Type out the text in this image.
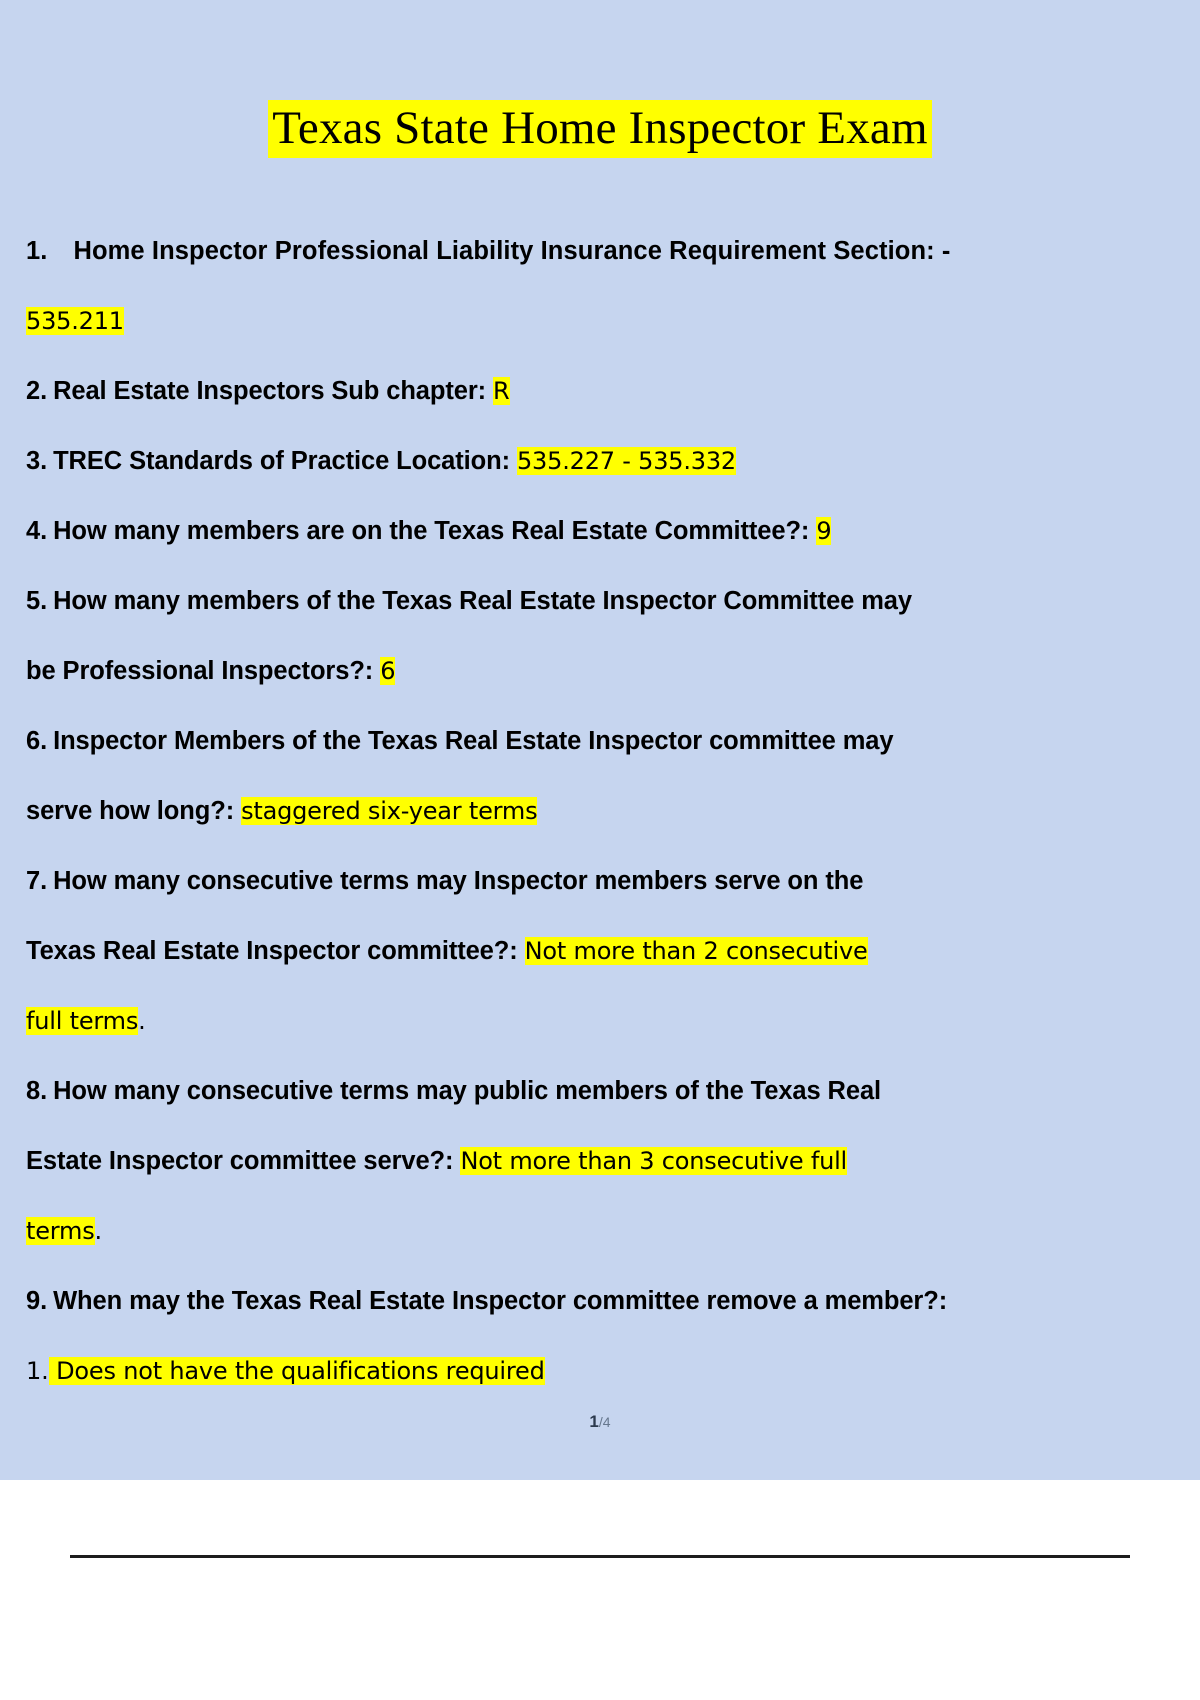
Texas State Home Inspector Exam
1. Home Inspector Professional Liability Insurance Requirement Section: -
535.211
2. Real Estate Inspectors Sub chapter: R
3. TREC Standards of Practice Location: 535.227 - 535.332
4. How many members are on the Texas Real Estate Committee?: 9
5. How many members of the Texas Real Estate Inspector Committee may
be Professional Inspectors?: 6
6. Inspector Members of the Texas Real Estate Inspector committee may
serve how long?: staggered six-year terms
7. How many consecutive terms may Inspector members serve on the
Texas Real Estate Inspector committee?: Not more than 2 consecutive
full terms.
8. How many consecutive terms may public members of the Texas Real
Estate Inspector committee serve?: Not more than 3 consecutive full
terms.
9. When may the Texas Real Estate Inspector committee remove a member?:
1. Does not have the qualifications required
1/4
